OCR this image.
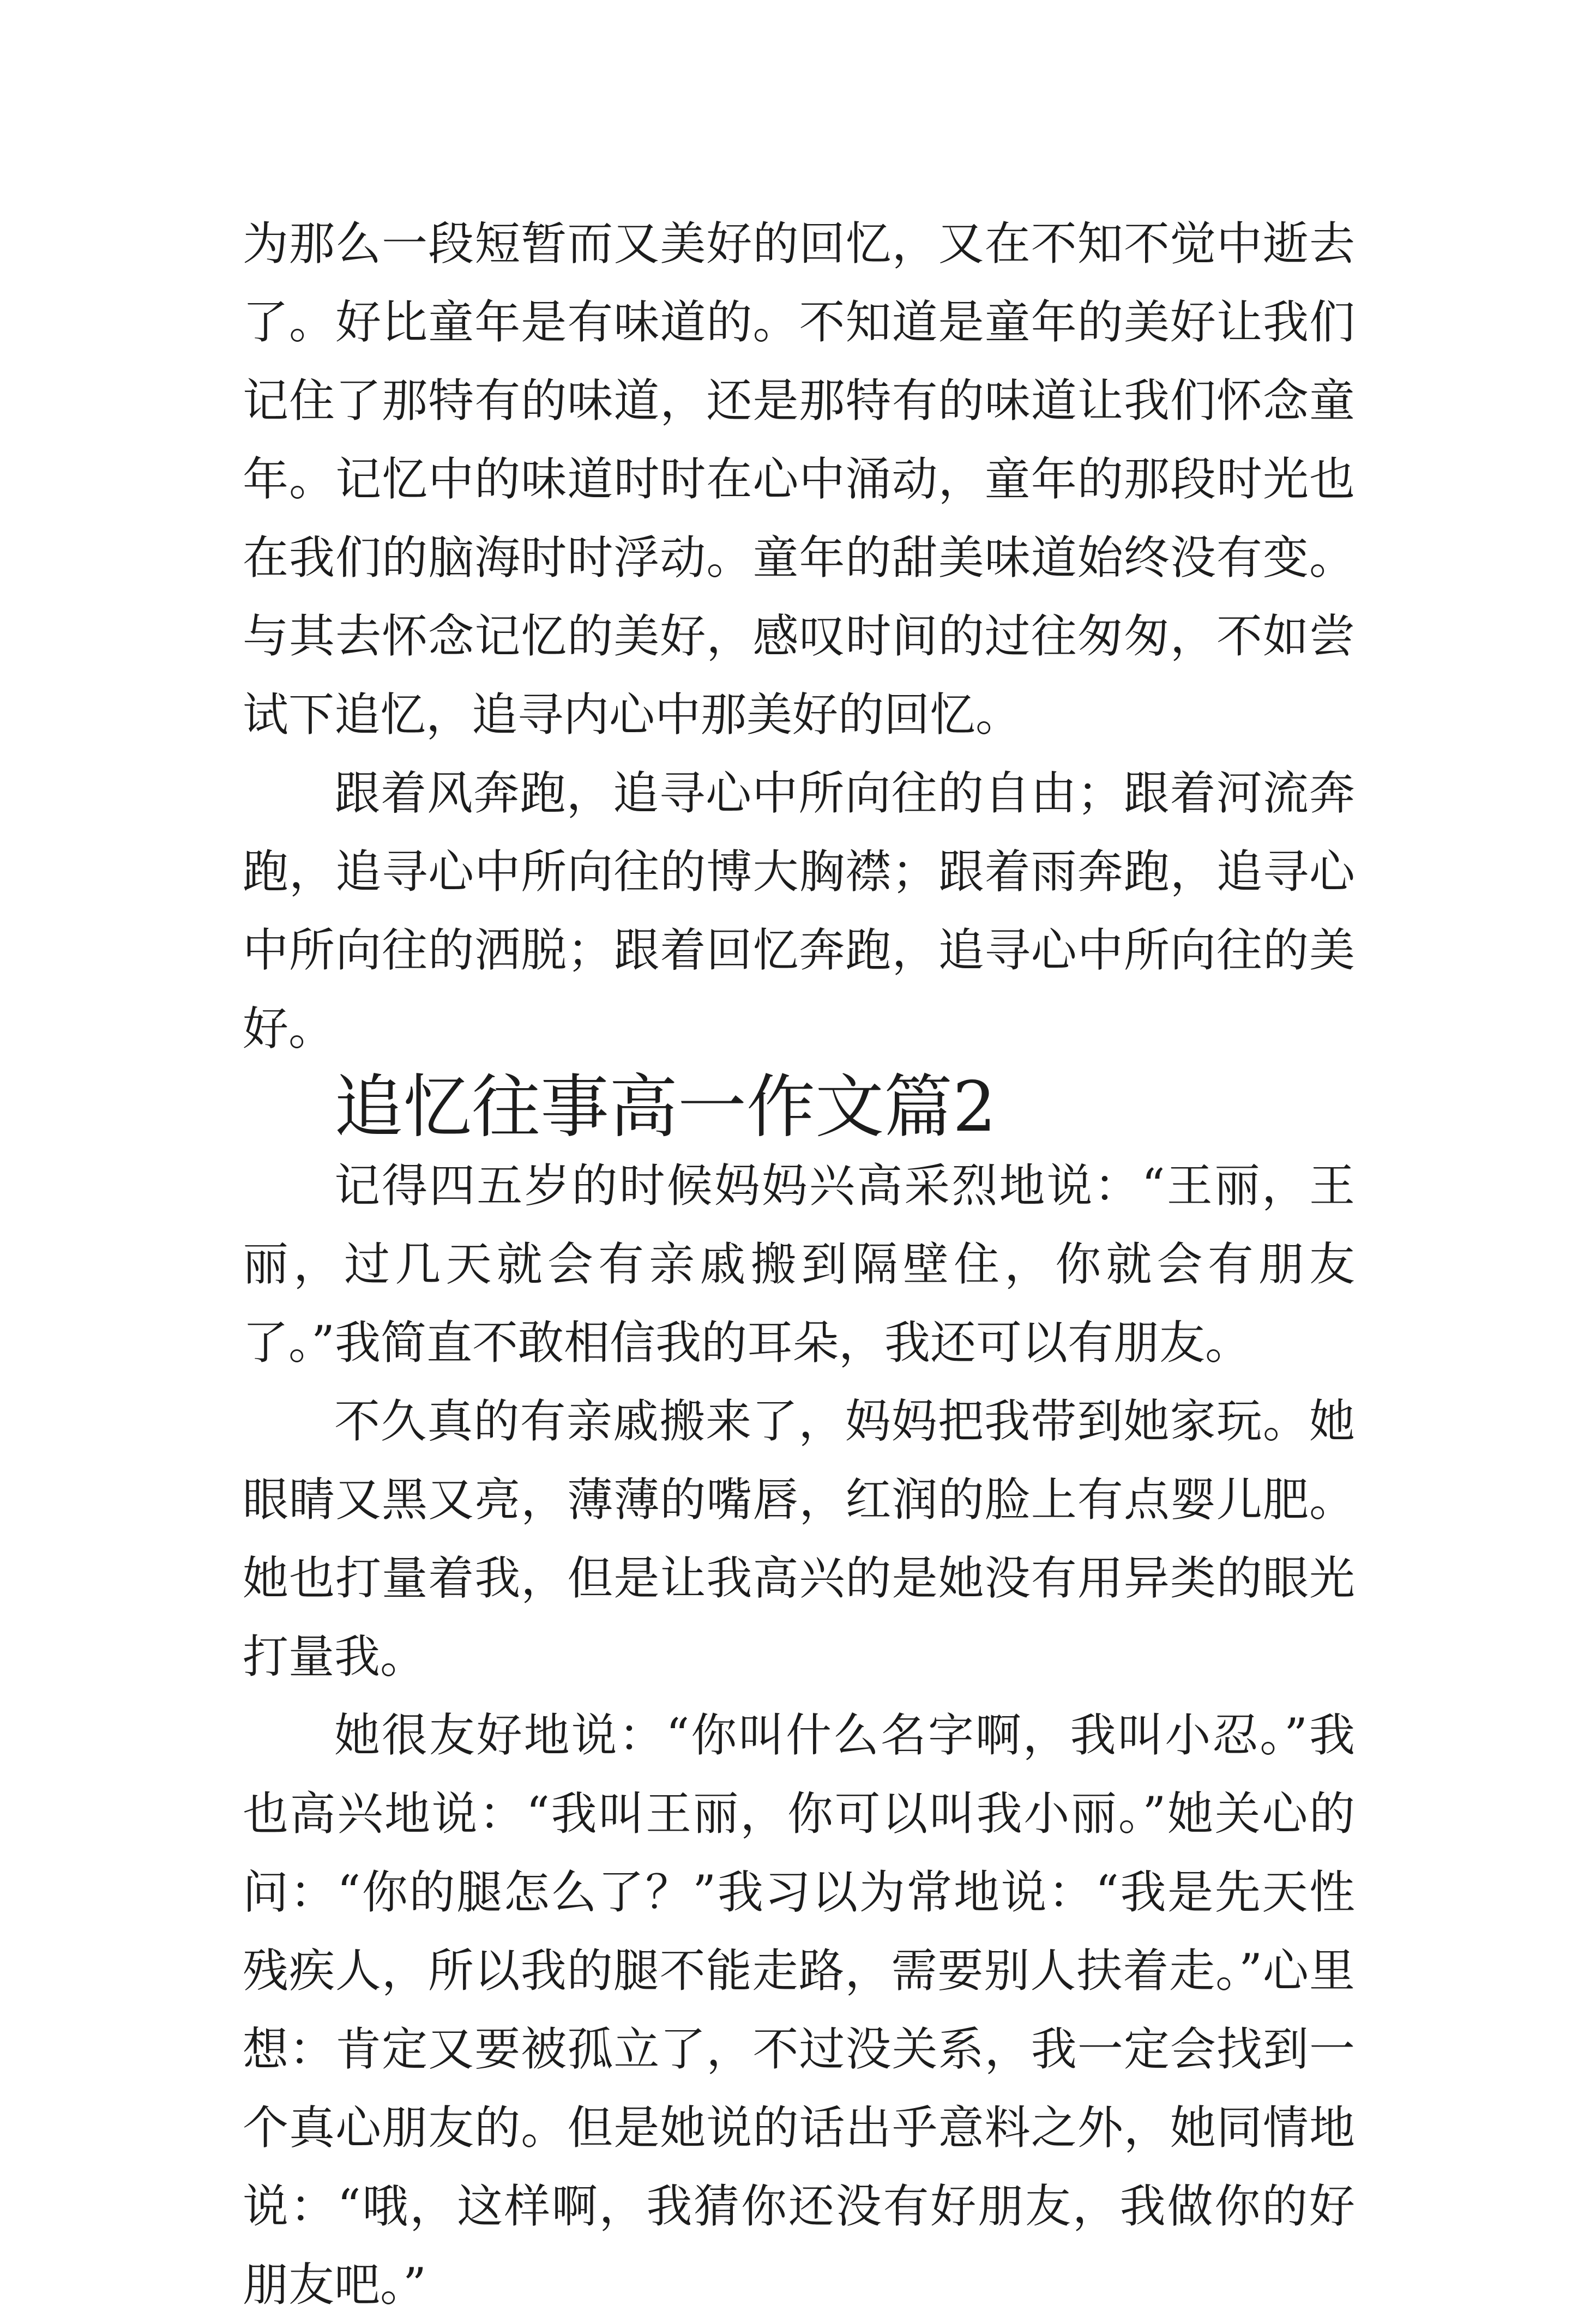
为那么一段短暂而又美好的回忆，又在不知不觉中逝去了。好比童年是有味道的。不知道是童年的美好让我们记住了那特有的味道，还是那特有的味道让我们怀念童年。记忆中的味道时时在心中涌动，童年的那段时光也在我们的脑海时时浮动。童年的甜美味道始终没有变。与其去怀念记忆的美好，感叹时间的过往匆匆，不如尝试下追忆，追寻内心中那美好的回忆。

跟着风奔跑，追寻心中所向往的自由；跟着河流奔跑，追寻心中所向往的博大胸襟；跟着雨奔跑，追寻心中所向往的洒脱；跟着回忆奔跑，追寻心中所向往的美好。

追忆往事高一作文篇2

记得四五岁的时候妈妈兴高采烈地说：“王丽，王丽，过几天就会有亲戚搬到隔壁住，你就会有朋友了。”我简直不敢相信我的耳朵，我还可以有朋友。

不久真的有亲戚搬来了，妈妈把我带到她家玩。她眼睛又黑又亮，薄薄的嘴唇，红润的脸上有点婴儿肥。她也打量着我，但是让我高兴的是她没有用异类的眼光打量我。

她很友好地说：“你叫什么名字啊，我叫小忍。”我也高兴地说：“我叫王丽，你可以叫我小丽。”她关心的问：“你的腿怎么了？”我习以为常地说：“我是先天性残疾人，所以我的腿不能走路，需要别人扶着走。”心里想：肯定又要被孤立了，不过没关系，我一定会找到一个真心朋友的。但是她说的话出乎意料之外，她同情地说：“哦，这样啊，我猜你还没有好朋友，我做你的好朋友吧。”
